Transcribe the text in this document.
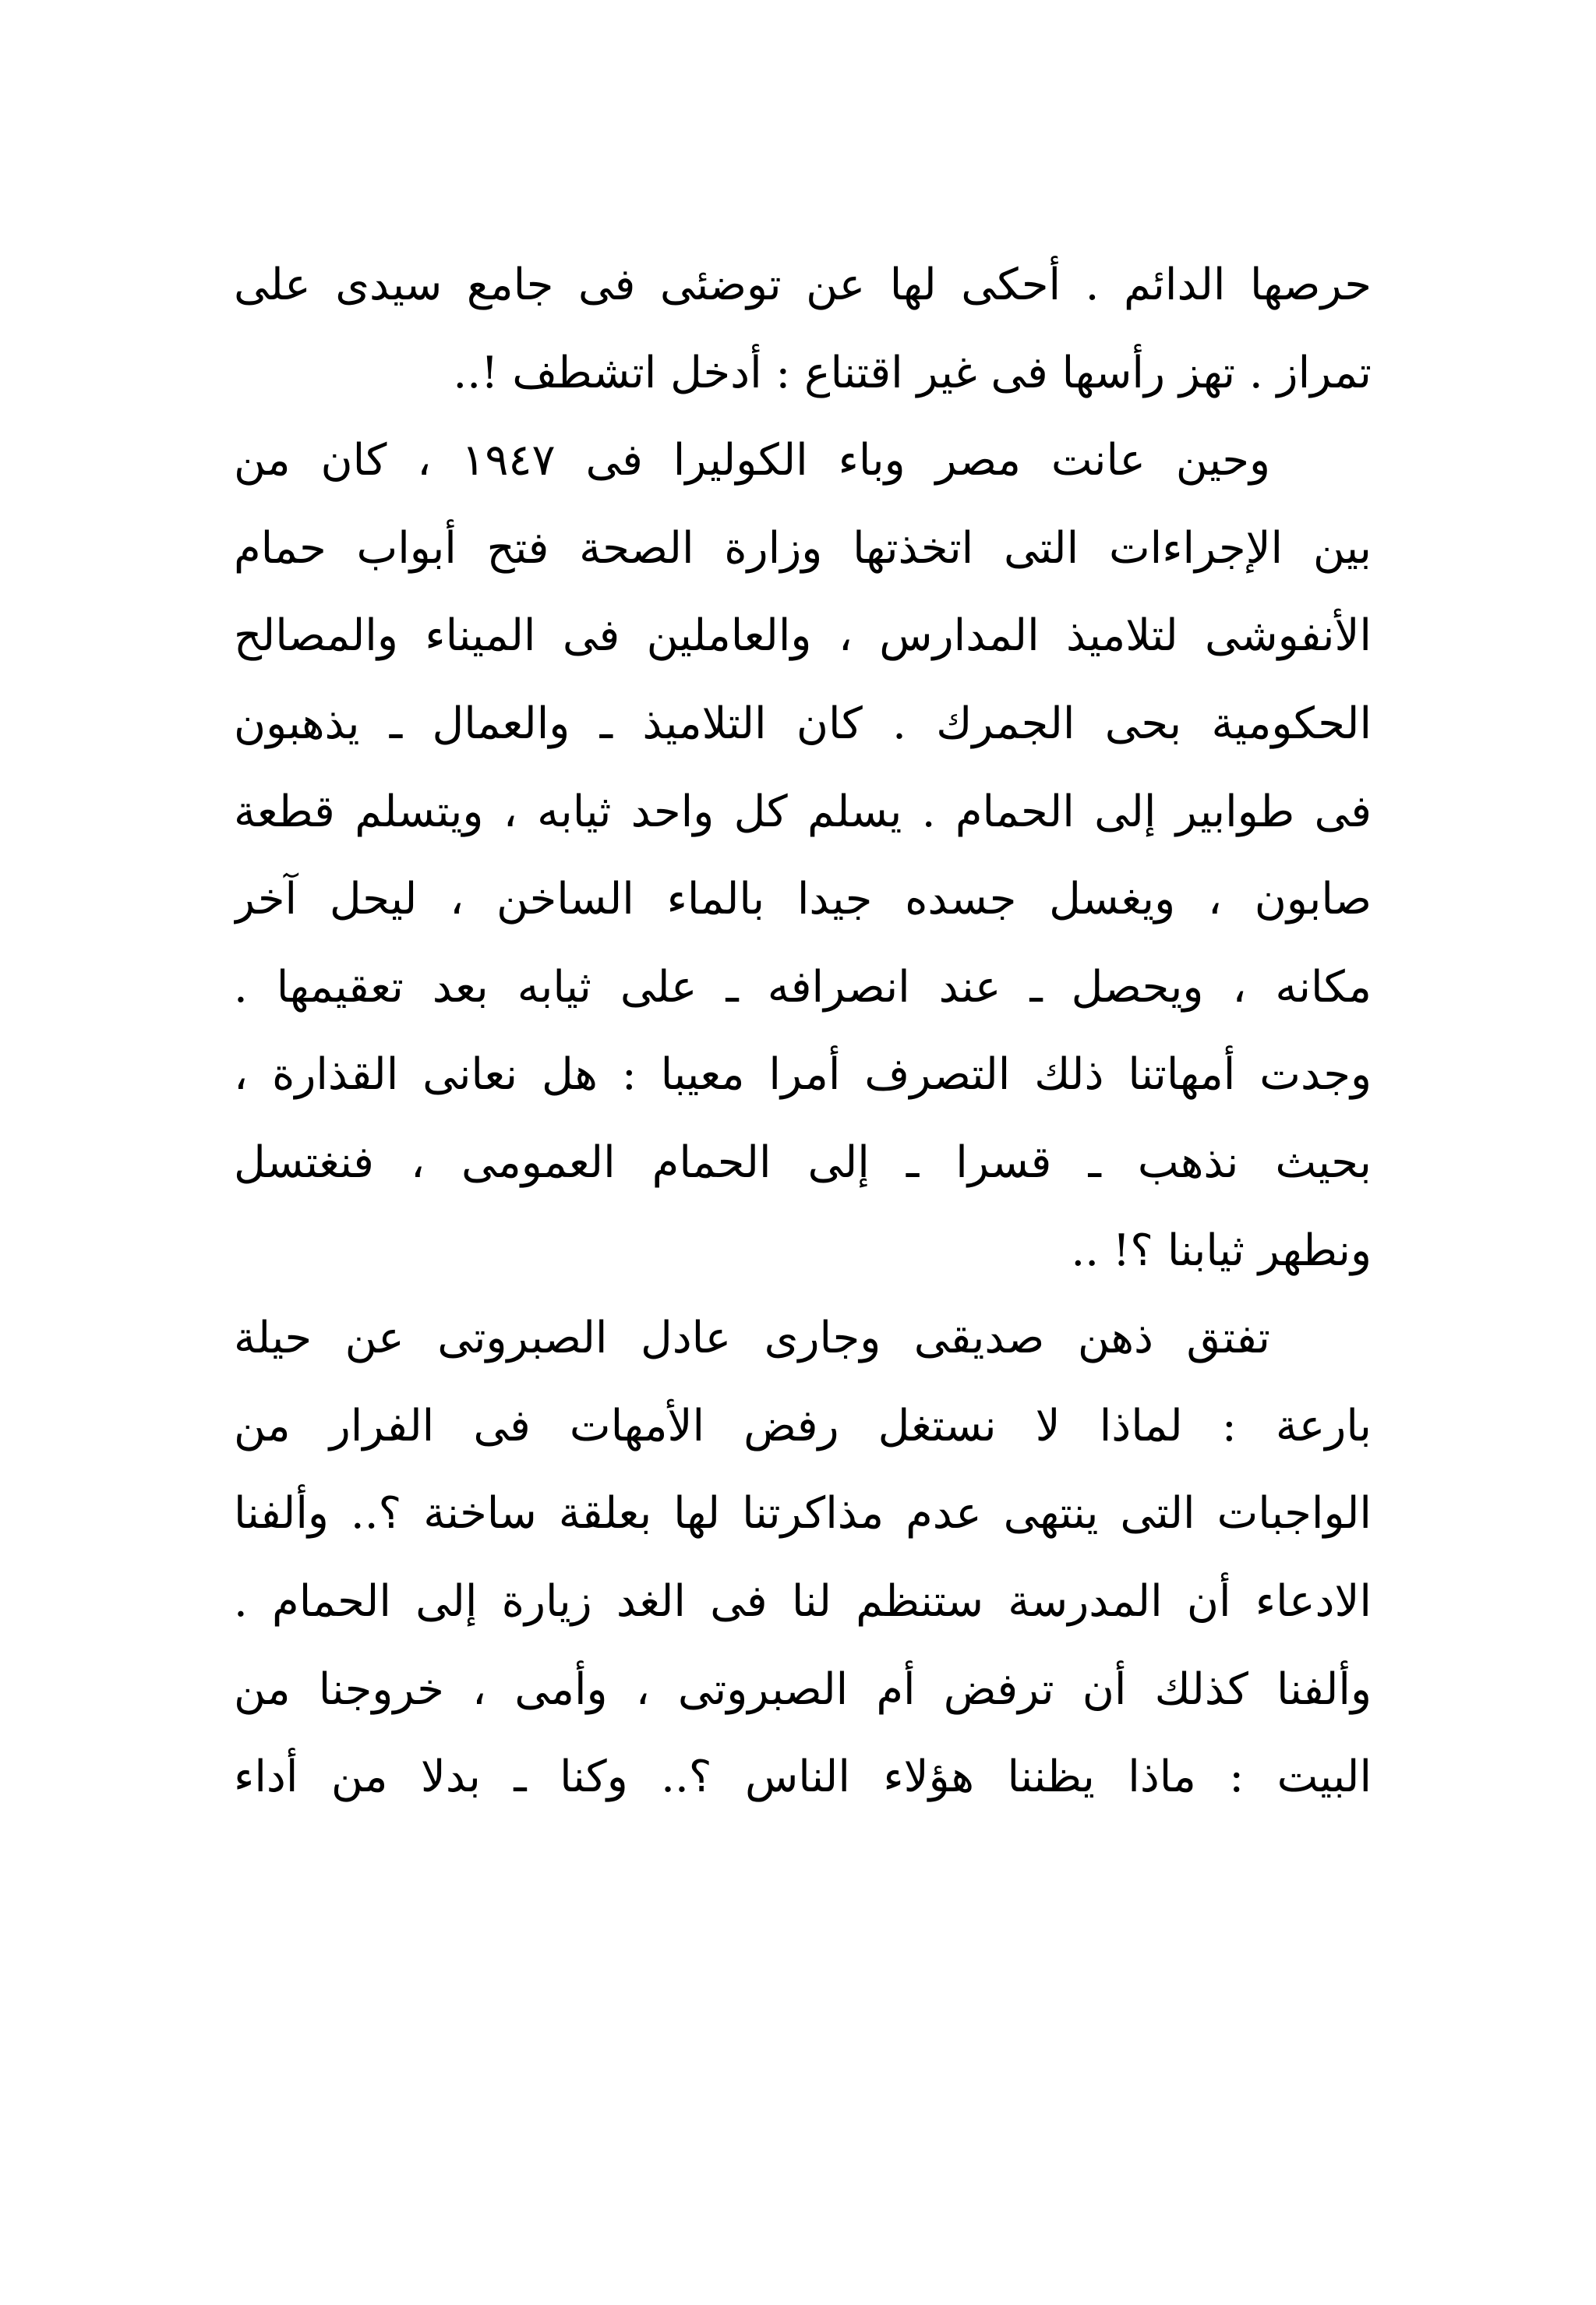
حرصها الدائم . أحكى لها عن توضئى فى جامع سيدى على
تمراز . تهز رأسها فى غير اقتناع : أدخل اتشطف !..
وحين عانت مصر وباء الكوليرا فى ١٩٤٧ ، كان من
بين الإجراءات التى اتخذتها وزارة الصحة فتح أبواب حمام
الأنفوشى لتلاميذ المدارس ، والعاملين فى الميناء والمصالح
الحكومية بحى الجمرك . كان التلاميذ ـ والعمال ـ يذهبون
فى طوابير إلى الحمام . يسلم كل واحد ثيابه ، ويتسلم قطعة
صابون ، ويغسل جسده جيدا بالماء الساخن ، ليحل آخر
مكانه ، ويحصل ـ عند انصرافه ـ على ثيابه بعد تعقيمها .
وجدت أمهاتنا ذلك التصرف أمرا معيبا : هل نعانى القذارة ،
بحيث نذهب ـ قسرا ـ إلى الحمام العمومى ، فنغتسل
ونطهر ثيابنا ؟! ..
تفتق ذهن صديقى وجارى عادل الصبروتى عن حيلة
بارعة : لماذا لا نستغل رفض الأمهات فى الفرار من
الواجبات التى ينتهى عدم مذاكرتنا لها بعلقة ساخنة ؟.. وألفنا
الادعاء أن المدرسة ستنظم لنا فى الغد زيارة إلى الحمام .
وألفنا كذلك أن ترفض أم الصبروتى ، وأمى ، خروجنا من
البيت : ماذا يظننا هؤلاء الناس ؟.. وكنا ـ بدلا من أداء
